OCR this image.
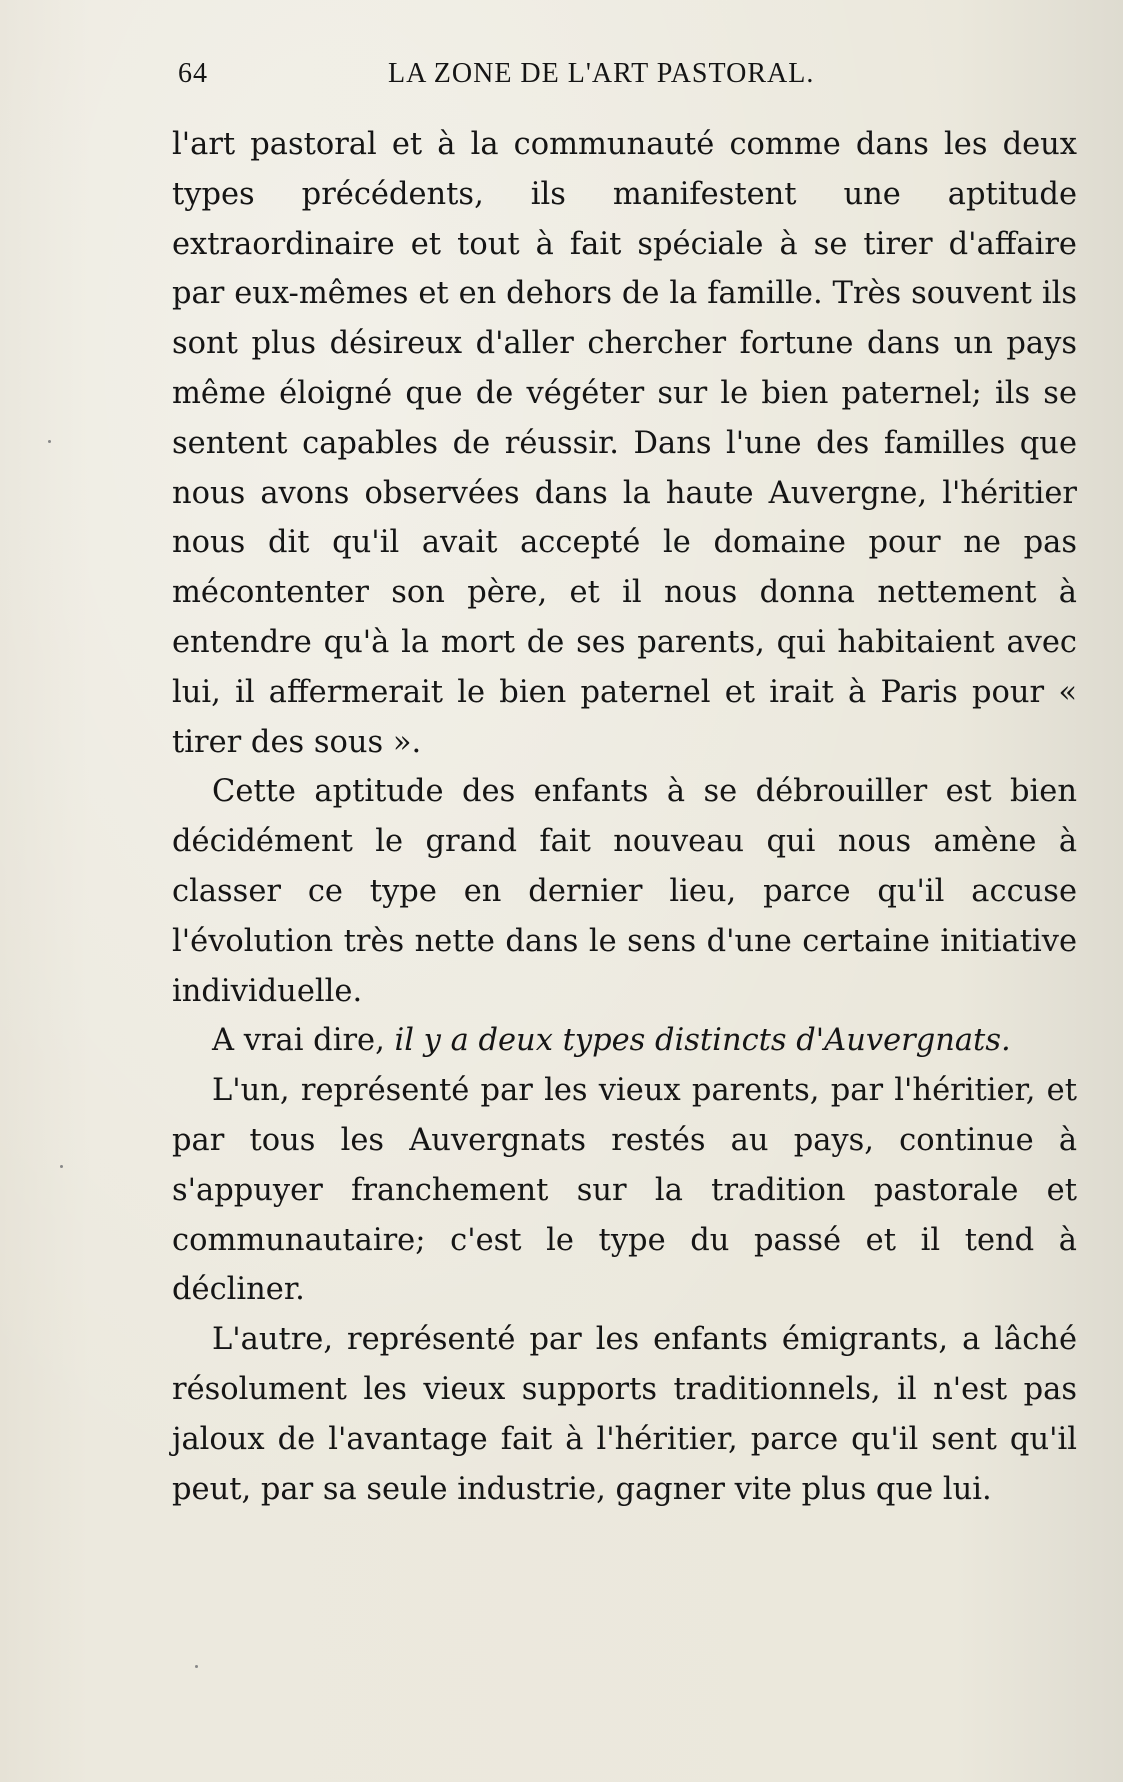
64	LA ZONE DE L'ART PASTORAL.

l'art pastoral et à la communauté comme dans les deux types précédents, ils manifestent une aptitude extraordinaire et tout à fait spéciale à se tirer d'affaire par eux-mêmes et en dehors de la famille. Très souvent ils sont plus désireux d'aller chercher fortune dans un pays même éloigné que de végéter sur le bien paternel; ils se sentent capables de réussir. Dans l'une des familles que nous avons observées dans la haute Auvergne, l'héritier nous dit qu'il avait accepté le domaine pour ne pas mécontenter son père, et il nous donna nettement à entendre qu'à la mort de ses parents, qui habitaient avec lui, il affermerait le bien paternel et irait à Paris pour « tirer des sous ».

Cette aptitude des enfants à se débrouiller est bien décidément le grand fait nouveau qui nous amène à classer ce type en dernier lieu, parce qu'il accuse l'évolution très nette dans le sens d'une certaine initiative individuelle.

A vrai dire, il y a deux types distincts d'Auvergnats.

L'un, représenté par les vieux parents, par l'héritier, et par tous les Auvergnats restés au pays, continue à s'appuyer franchement sur la tradition pastorale et communautaire; c'est le type du passé et il tend à décliner.

L'autre, représenté par les enfants émigrants, a lâché résolument les vieux supports traditionnels, il n'est pas jaloux de l'avantage fait à l'héritier, parce qu'il sent qu'il peut, par sa seule industrie, gagner vite plus que lui.
